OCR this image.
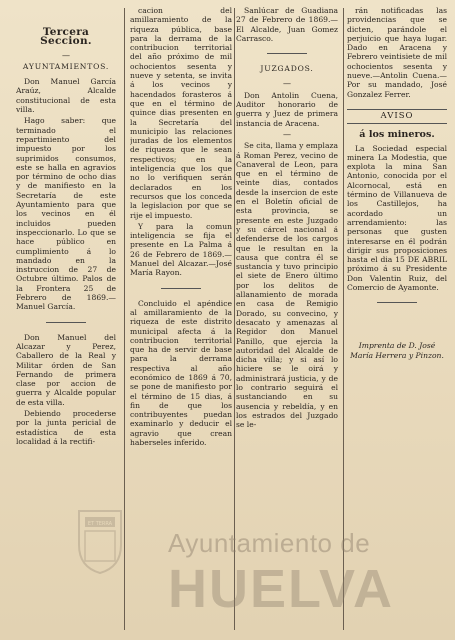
Tercera Seccion.
—
AYUNTAMIENTOS.

Don Manuel García Araúz, Alcalde constitucional de esta villa.

Hago saber: que terminado el repartimiento del impuesto por los suprimidos consumos, este se halla en agravios por término de ocho dias y de manifiesto en la Secretaría de este Ayuntamiento para que los vecinos en él incluidos pueden inspeccionarlo. Lo que se hace público en cumplimiento á lo mandado en la instruccion de 27 de Octubre último. Palos de la Frontera 25 de Febrero de 1869.—Manuel García.

Don Manuel del Alcazar y Perez, Caballero de la Real y Militar órden de San Fernando de primera clase por accion de guerra y Alcalde popular de esta villa.

Debiendo procederse por la junta pericial de estadística de esta localidad á la rectifi-

cacion del amillaramiento de la riqueza pública, base para la derrama de la contribucion territorial del año próximo de mil ochocientos sesenta y nueve y setenta, se invita á los vecinos y hacendados forasteros á que en el término de quince dias presenten en la Secretaría del municipio las relaciones juradas de los elementos de riqueza que le sean respectivos; en la inteligencia que los que no lo verifiquen serán declarados en los recursos que los conceda la legislacion por que se rije el impuesto.

Y para la comun inteligencia se fija el presente en La Palma á 26 de Febrero de 1869.—Manuel del Alcazar.—José María Rayon.

Concluido el apéndice al amillaramiento de la riqueza de este distrito municipal afecta á la contribucion territorial que ha de servir de base para la derrama respectiva al año económico de 1869 á 70, se pone de manifiesto por el término de 15 dias, á fin de que los contribuyentes puedan examinarlo y deducir el agravio que crean haberseles inferido.

Sanlúcar de Guadiana 27 de Febrero de 1869.—El Alcalde, Juan Gomez Carrasco.

JUZGADOS.
—

Don Antolin Cuena, Auditor honorario de guerra y Juez de primera instancia de Aracena.

—

Se cita, llama y emplaza á Roman Perez, vecino de Canaveral de Leon, para que en el término de veinte dias, contados desde la insercion de este en el Boletín oficial de esta provincia, se presente en este Juzgado y su cárcel nacional á defenderse de los cargos que le resultan en la causa que contra él se sustancia y tuvo principio el siete de Enero último por los delitos de allanamiento de morada en casa de Remigio Dorado, su convecino, y desacato y amenazas al Regidor don Manuel Panillo, que ejercia la autoridad del Alcalde de dicha villa; y si así lo hiciere se le oirá y administrará justicia, y de lo contrario seguirá el sustanciando en su ausencia y rebeldía, y en los estrados del Juzgado se le-

rán notificadas las providencias que se dicten, parándole el perjuicio que haya lugar. Dado en Aracena y Febrero veintisiete de mil ochocientos sesenta y nueve.—Antolin Cuena.—Por su mandado, José Gonzalez Ferrer.

AVISO
á los mineros.

La Sociedad especial minera La Modestia, que explota la mina San Antonio, conocida por el Alcornocal, está en término de Villanueva de los Castillejos, ha acordado un arrendamiento: las personas que gusten interesarse en él podrán dirigir sus proposiciones hasta el dia 15 DE ABRIL próximo á su Presidente Don Valentin Ruiz, del Comercio de Ayamonte.

Imprenta de D. José María Herrera y Pinzon.
ET TERRA
Ayuntamiento de
HUELVA
